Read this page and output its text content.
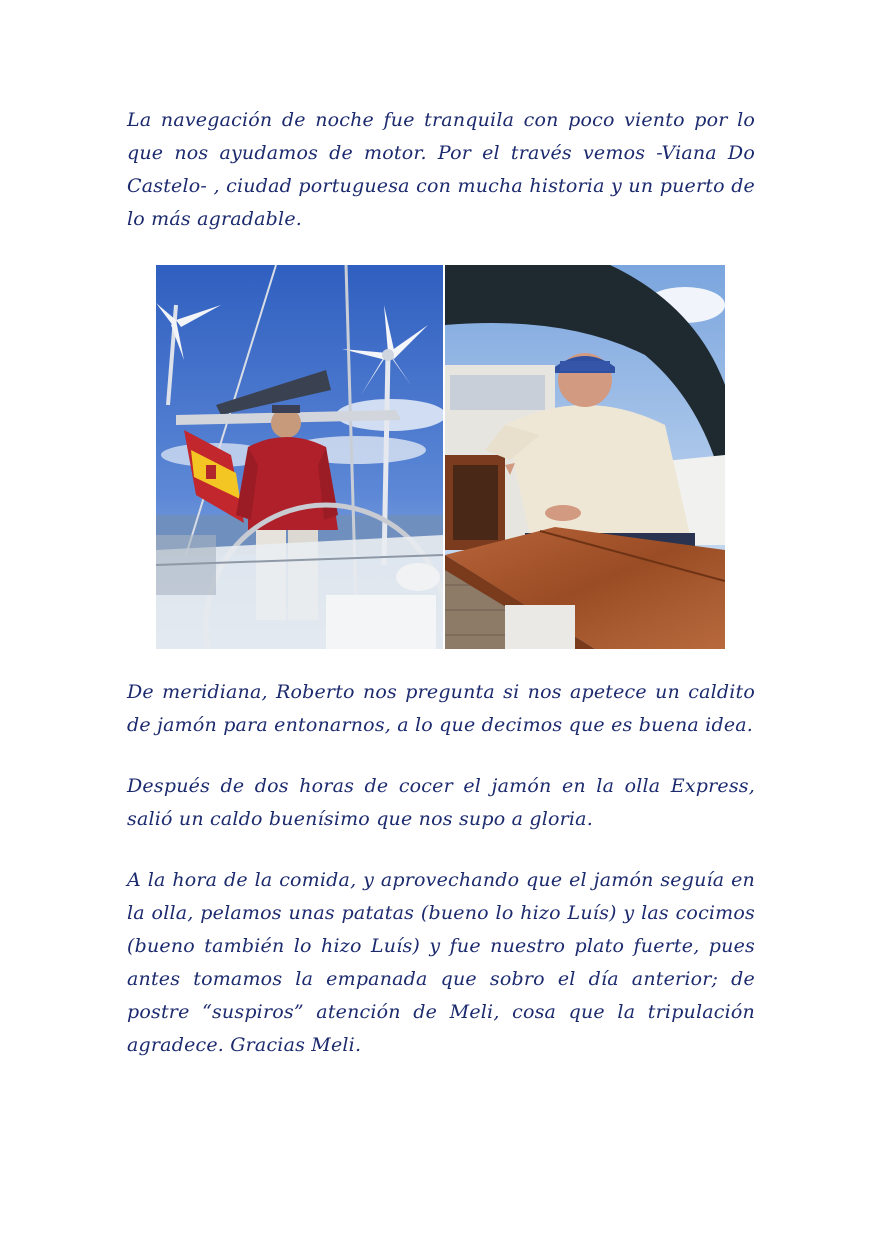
La navegación de noche fue tranquila con poco viento por lo que nos ayudamos de motor. Por el través vemos -Viana Do Castelo- , ciudad portuguesa con mucha historia y un puerto de lo más agradable.

De meridiana, Roberto nos pregunta si nos apetece un caldito de jamón para entonarnos, a lo que decimos que es buena idea.

Después de dos horas de cocer el jamón en la olla Express, salió un caldo buenísimo que nos supo a gloria.

A la hora de la comida, y aprovechando que el jamón seguía en la olla, pelamos unas patatas (bueno lo hizo Luís) y las cocimos (bueno también lo hizo Luís) y fue nuestro plato fuerte, pues antes tomamos la empanada que sobro el día anterior; de postre “suspiros” atención de Meli, cosa que la tripulación agradece. Gracias Meli.
